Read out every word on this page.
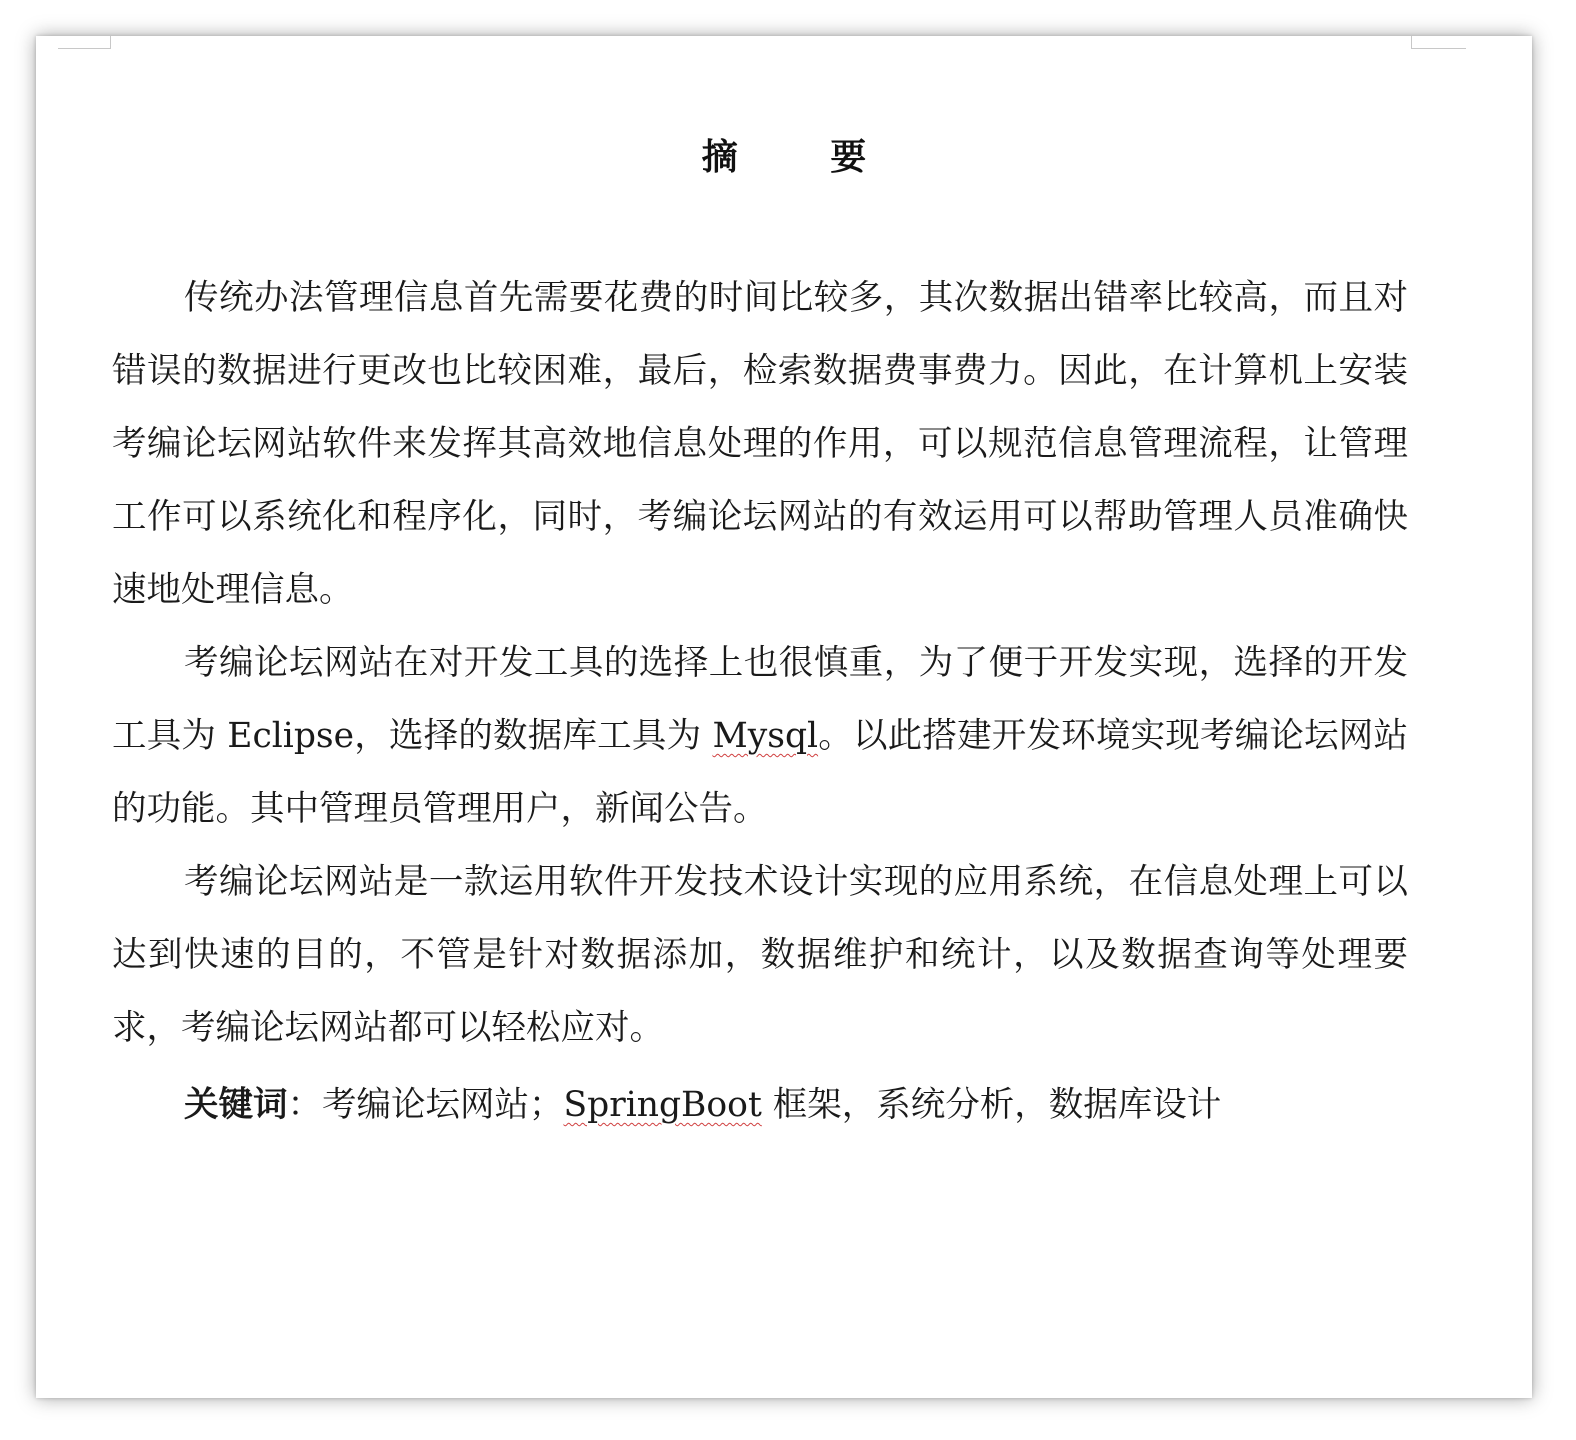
摘 要

传统办法管理信息首先需要花费的时间比较多，其次数据出错率比较高，而且对错误的数据进行更改也比较困难，最后，检索数据费事费力。因此，在计算机上安装考编论坛网站软件来发挥其高效地信息处理的作用，可以规范信息管理流程，让管理工作可以系统化和程序化，同时，考编论坛网站的有效运用可以帮助管理人员准确快速地处理信息。

考编论坛网站在对开发工具的选择上也很慎重，为了便于开发实现，选择的开发工具为 Eclipse，选择的数据库工具为 Mysql。以此搭建开发环境实现考编论坛网站的功能。其中管理员管理用户，新闻公告。

考编论坛网站是一款运用软件开发技术设计实现的应用系统，在信息处理上可以达到快速的目的，不管是针对数据添加，数据维护和统计，以及数据查询等处理要求，考编论坛网站都可以轻松应对。

关键词：考编论坛网站；SpringBoot 框架，系统分析，数据库设计
